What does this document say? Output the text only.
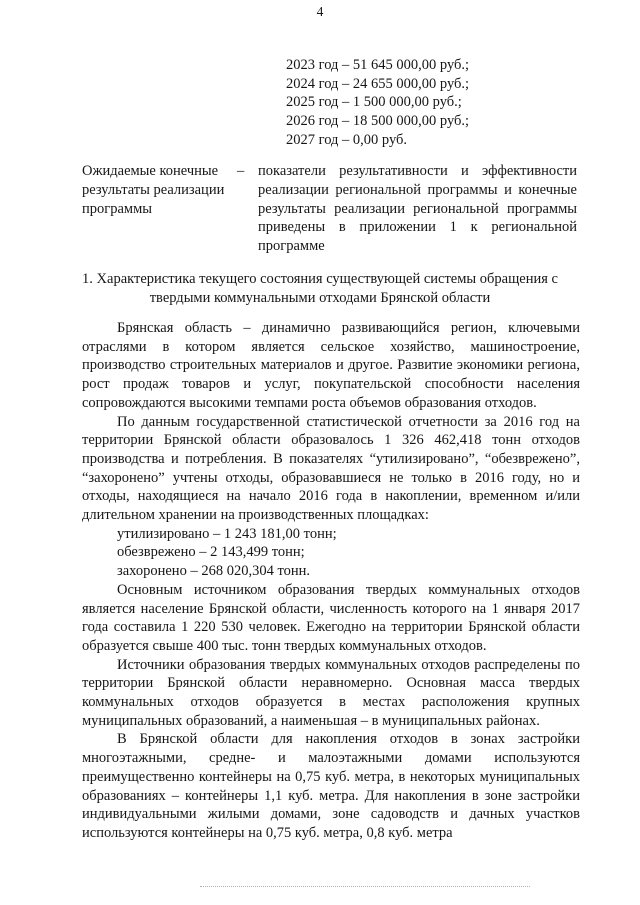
4
2023 год – 51 645 000,00 руб.;
2024 год – 24 655 000,00 руб.;
2025 год – 1 500 000,00 руб.;
2026 год – 18 500 000,00 руб.;
2027 год – 0,00 руб.
Ожидаемые конечные результаты реализации программы
– показатели результативности и эффективности реализации региональной программы и конечные результаты реализации региональной программы приведены в приложении 1 к региональной программе
1. Характеристика текущего состояния существующей системы обращения с твердыми коммунальными отходами Брянской области

Брянская область – динамично развивающийся регион, ключевыми отраслями в котором является сельское хозяйство, машиностроение, производство строительных материалов и другое. Развитие экономики региона, рост продаж товаров и услуг, покупательской способности населения сопровождаются высокими темпами роста объемов образования отходов.

По данным государственной статистической отчетности за 2016 год на территории Брянской области образовалось 1 326 462,418 тонн отходов производства и потребления. В показателях “утилизировано”, “обезврежено”, “захоронено” учтены отходы, образовавшиеся не только в 2016 году, но и отходы, находящиеся на начало 2016 года в накоплении, временном и/или длительном хранении на производственных площадках:

утилизировано – 1 243 181,00 тонн;

обезврежено – 2 143,499 тонн;

захоронено – 268 020,304 тонн.

Основным источником образования твердых коммунальных отходов является население Брянской области, численность которого на 1 января 2017 года составила 1 220 530 человек. Ежегодно на территории Брянской области образуется свыше 400 тыс. тонн твердых коммунальных отходов.

Источники образования твердых коммунальных отходов распределены по территории Брянской области неравномерно. Основная масса твердых коммунальных отходов образуется в местах расположения крупных муниципальных образований, а наименьшая – в муниципальных районах.

В Брянской области для накопления отходов в зонах застройки многоэтажными, средне- и малоэтажными домами используются преимущественно контейнеры на 0,75 куб. метра, в некоторых муниципальных образованиях – контейнеры 1,1 куб. метра. Для накопления в зоне застройки индивидуальными жилыми домами, зоне садоводств и дачных участков используются контейнеры на 0,75 куб. метра, 0,8 куб. метра
